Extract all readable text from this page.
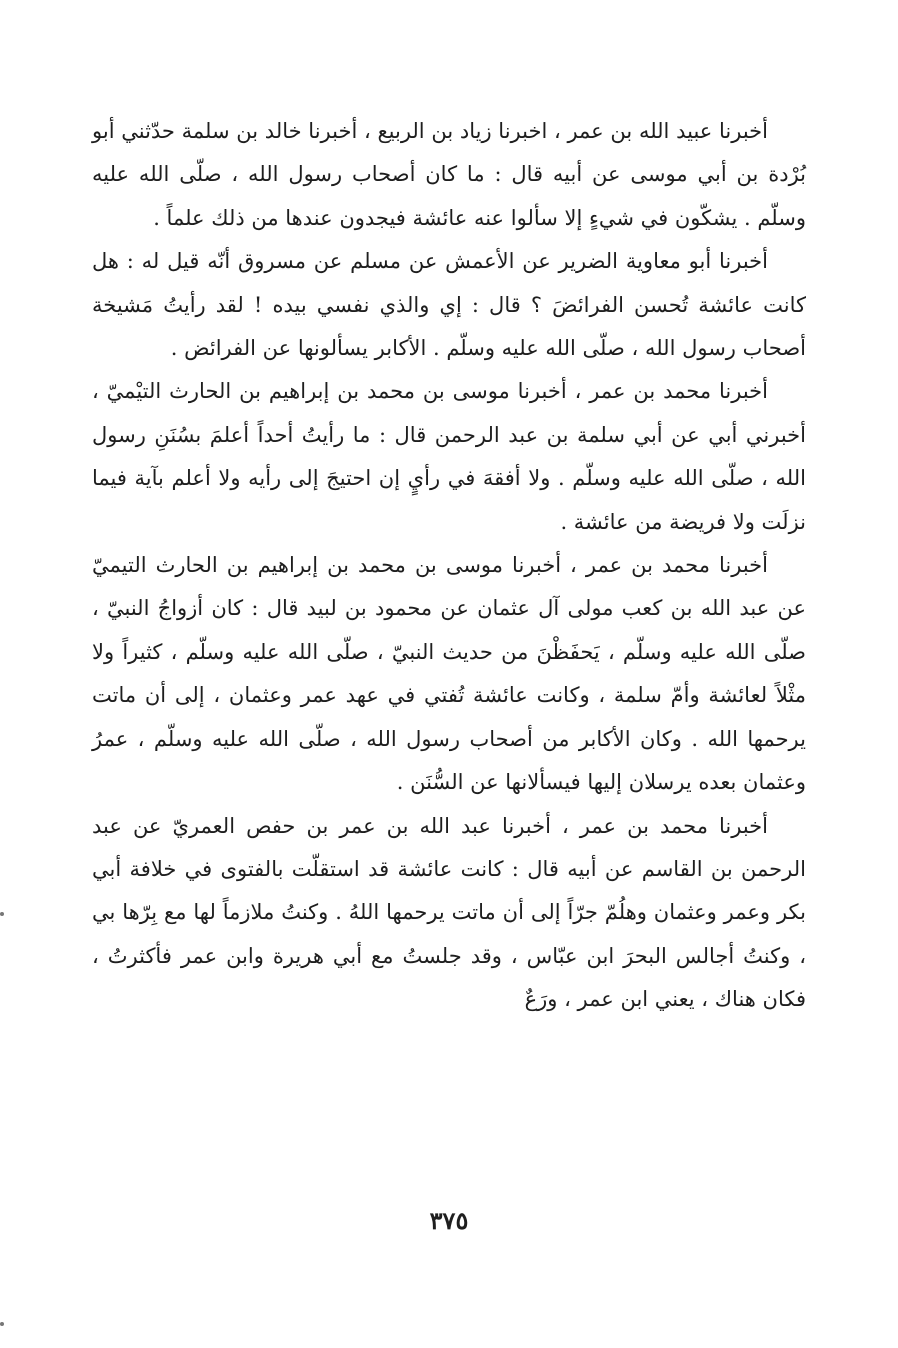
أخبرنا عبيد الله بن عمر ، اخبرنا زياد بن الربيع ، أخبرنا خالد بن سلمة حدّثني أبو بُرْدة بن أبي موسى عن أبيه قال : ما كان أصحاب رسول الله ، صلّى الله عليه وسلّم . يشكّون في شيءٍ إلا سألوا عنه عائشة فيجدون عندها من ذلك علماً .

أخبرنا أبو معاوية الضرير عن الأعمش عن مسلم عن مسروق أنّه قيل له : هل كانت عائشة تُحسن الفرائضَ ؟ قال : إي والذي نفسي بيده ! لقد رأيتُ مَشيخة أصحاب رسول الله ، صلّى الله عليه وسلّم . الأكابر يسألونها عن الفرائض .

أخبرنا محمد بن عمر ، أخبرنا موسى بن محمد بن إبراهيم بن الحارث التيْميّ ، أخبرني أبي عن أبي سلمة بن عبد الرحمن قال : ما رأيتُ أحداً أعلمَ بسُنَنِ رسول الله ، صلّى الله عليه وسلّم . ولا أفقهَ في رأيٍ إن احتيجَ إلى رأيه ولا أعلم بآية فيما نزلَت ولا فريضة من عائشة .

أخبرنا محمد بن عمر ، أخبرنا موسى بن محمد بن إبراهيم بن الحارث التيميّ عن عبد الله بن كعب مولى آل عثمان عن محمود بن لبيد قال : كان أزواجُ النبيّ ، صلّى الله عليه وسلّم ، يَحفَظْنَ من حديث النبيّ ، صلّى الله عليه وسلّم ، كثيراً ولا مثْلاً لعائشة وأمّ سلمة ، وكانت عائشة تُفتي في عهد عمر وعثمان ، إلى أن ماتت يرحمها الله . وكان الأكابر من أصحاب رسول الله ، صلّى الله عليه وسلّم ، عمرُ وعثمان بعده يرسلان إليها فيسألانها عن السُّنَن .

أخبرنا محمد بن عمر ، أخبرنا عبد الله بن عمر بن حفص العمريّ عن عبد الرحمن بن القاسم عن أبيه قال : كانت عائشة قد استقلّت بالفتوى في خلافة أبي بكر وعمر وعثمان وهلُمّ جرّاً إلى أن ماتت يرحمها اللهُ . وكنتُ ملازماً لها مع بِرّها بي ، وكنتُ أجالس البحرَ ابن عبّاس ، وقد جلستُ مع أبي هريرة وابن عمر فأكثرتُ ، فكان هناك ، يعني ابن عمر ، ورَعٌ

٣٧٥
